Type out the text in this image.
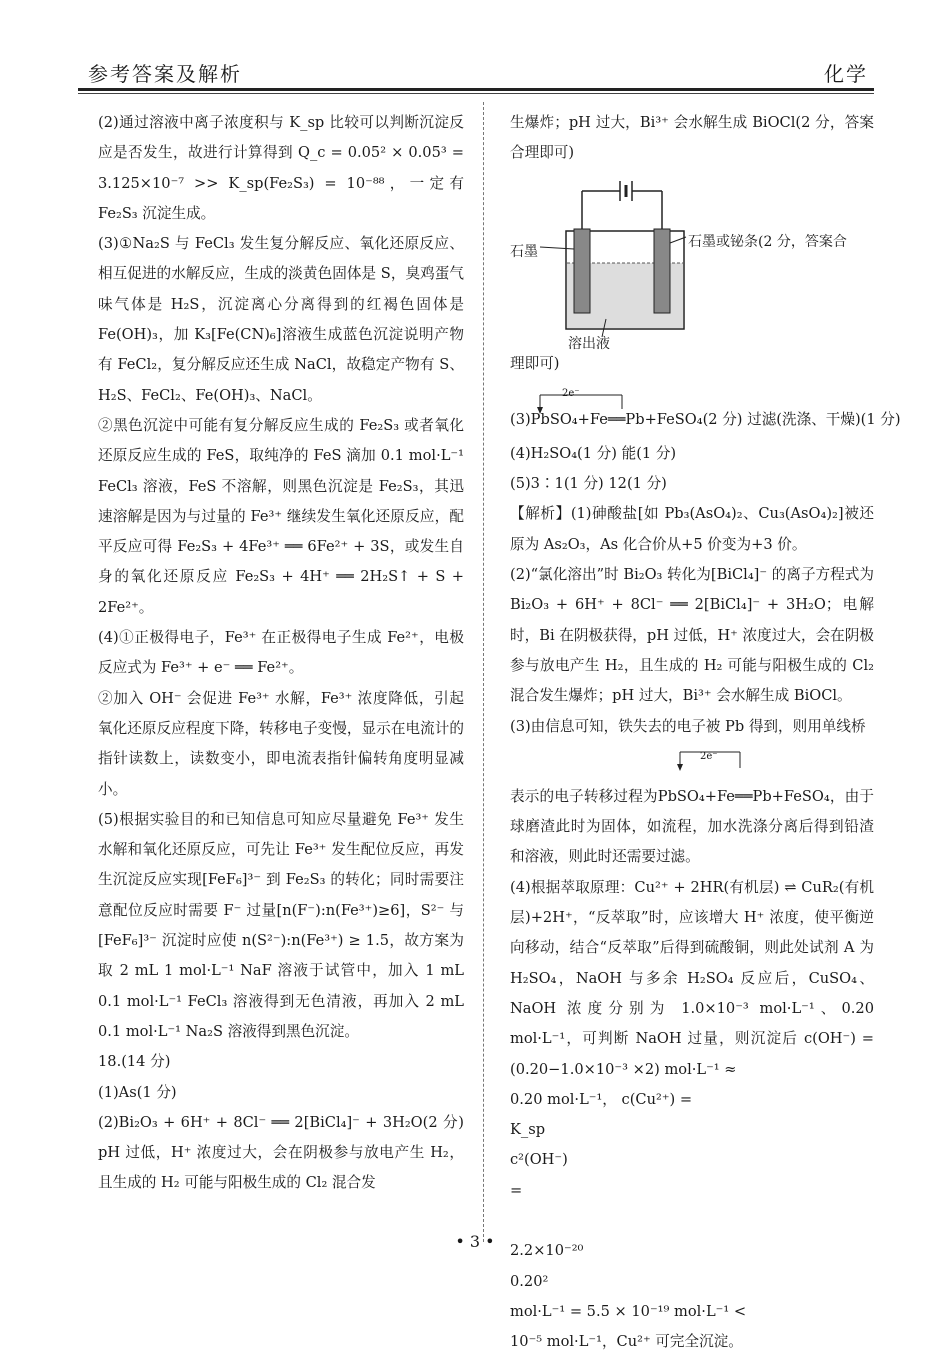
参考答案及解析	化学

(2)通过溶液中离子浓度积与 K_sp 比较可以判断沉淀反应是否发生，故进行计算得到 Q_c = 0.05² × 0.05³ = 3.125×10⁻⁷ >> K_sp(Fe₂S₃) = 10⁻⁸⁸，一定有 Fe₂S₃ 沉淀生成。

(3)①Na₂S 与 FeCl₃ 发生复分解反应、氧化还原反应、相互促进的水解反应，生成的淡黄色固体是 S，臭鸡蛋气味气体是 H₂S，沉淀离心分离得到的红褐色固体是 Fe(OH)₃，加 K₃[Fe(CN)₆]溶液生成蓝色沉淀说明产物有 FeCl₂，复分解反应还生成 NaCl，故稳定产物有 S、H₂S、FeCl₂、Fe(OH)₃、NaCl。

②黑色沉淀中可能有复分解反应生成的 Fe₂S₃ 或者氧化还原反应生成的 FeS，取纯净的 FeS 滴加 0.1 mol·L⁻¹ FeCl₃ 溶液，FeS 不溶解，则黑色沉淀是 Fe₂S₃，其迅速溶解是因为与过量的 Fe³⁺ 继续发生氧化还原反应，配平反应可得 Fe₂S₃ + 4Fe³⁺ ══ 6Fe²⁺ + 3S，或发生自身的氧化还原反应 Fe₂S₃ + 4H⁺ ══ 2H₂S↑ + S + 2Fe²⁺。

(4)①正极得电子，Fe³⁺ 在正极得电子生成 Fe²⁺，电极反应式为 Fe³⁺ + e⁻ ══ Fe²⁺。

②加入 OH⁻ 会促进 Fe³⁺ 水解，Fe³⁺ 浓度降低，引起氧化还原反应程度下降，转移电子变慢，显示在电流计的指针读数上，读数变小，即电流表指针偏转角度明显减小。

(5)根据实验目的和已知信息可知应尽量避免 Fe³⁺ 发生水解和氧化还原反应，可先让 Fe³⁺ 发生配位反应，再发生沉淀反应实现[FeF₆]³⁻ 到 Fe₂S₃ 的转化；同时需要注意配位反应时需要 F⁻ 过量[n(F⁻):n(Fe³⁺)≥6]，S²⁻ 与[FeF₆]³⁻ 沉淀时应使 n(S²⁻):n(Fe³⁺) ≥ 1.5，故方案为取 2 mL 1 mol·L⁻¹ NaF 溶液于试管中，加入 1 mL 0.1 mol·L⁻¹ FeCl₃ 溶液得到无色清液，再加入 2 mL 0.1 mol·L⁻¹ Na₂S 溶液得到黑色沉淀。

18.(14 分)

(1)As(1 分)

(2)Bi₂O₃ + 6H⁺ + 8Cl⁻ ══ 2[BiCl₄]⁻ + 3H₂O(2 分) pH 过低，H⁺ 浓度过大，会在阴极参与放电产生 H₂，且生成的 H₂ 可能与阳极生成的 Cl₂ 混合发

生爆炸；pH 过大，Bi³⁺ 会水解生成 BiOCl(2 分，答案合理即可)

石墨
石墨或铋条(2 分，答案合
溶出液

理即可)

2e⁻
(3)PbSO₄+Fe══Pb+FeSO₄(2 分) 过滤(洗涤、干燥)(1 分)

(4)H₂SO₄(1 分) 能(1 分)

(5)3∶1(1 分) 12(1 分)

【解析】(1)砷酸盐[如 Pb₃(AsO₄)₂、Cu₃(AsO₄)₂]被还原为 As₂O₃，As 化合价从+5 价变为+3 价。

(2)“氯化溶出”时 Bi₂O₃ 转化为[BiCl₄]⁻ 的离子方程式为 Bi₂O₃ + 6H⁺ + 8Cl⁻ ══ 2[BiCl₄]⁻ + 3H₂O；电解时，Bi 在阴极获得，pH 过低，H⁺ 浓度过大，会在阴极参与放电产生 H₂，且生成的 H₂ 可能与阳极生成的 Cl₂ 混合发生爆炸；pH 过大，Bi³⁺ 会水解生成 BiOCl。

(3)由信息可知，铁失去的电子被 Pb 得到，则用单线桥

2e⁻

表示的电子转移过程为PbSO₄+Fe══Pb+FeSO₄，由于球磨渣此时为固体，如流程，加水洗涤分离后得到铅渣和溶液，则此时还需要过滤。

(4)根据萃取原理：Cu²⁺ + 2HR(有机层) ⇌ CuR₂(有机层)+2H⁺，“反萃取”时，应该增大 H⁺ 浓度，使平衡逆向移动，结合“反萃取”后得到硫酸铜，则此处试剂 A 为 H₂SO₄，NaOH 与多余 H₂SO₄ 反应后，CuSO₄、NaOH 浓度分别为 1.0×10⁻³ mol·L⁻¹、0.20 mol·L⁻¹，可判断 NaOH 过量，则沉淀后 c(OH⁻) = (0.20−1.0×10⁻³ ×2) mol·L⁻¹ ≈

0.20 mol·L⁻¹， c(Cu²⁺) =

K_sp
c²(OH⁻)
=

2.2×10⁻²⁰
0.20²
mol·L⁻¹ = 5.5 × 10⁻¹⁹ mol·L⁻¹ <

10⁻⁵ mol·L⁻¹，Cu²⁺ 可完全沉淀。

• 3 •
